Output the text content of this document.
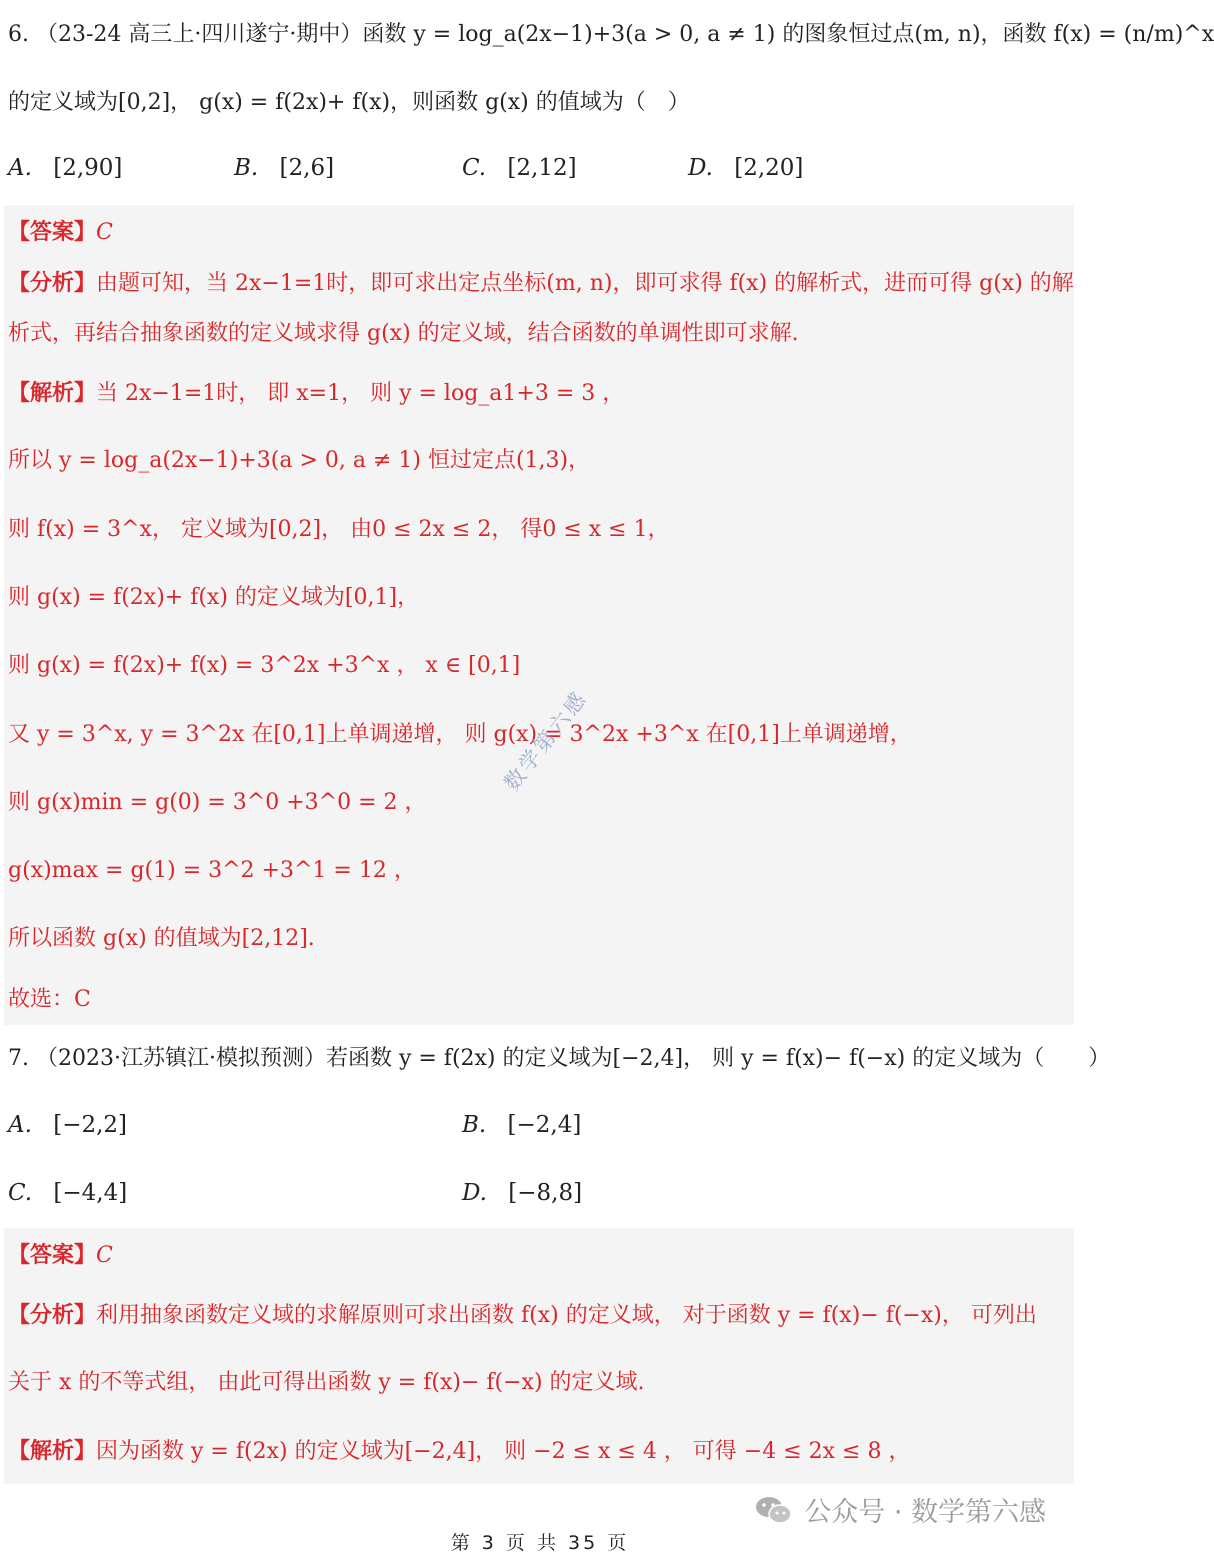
6. （23-24 高三上·四川遂宁·期中）函数 y = log_a(2x−1)+3(a > 0, a ≠ 1) 的图象恒过点(m, n)，函数 f(x) = (n/m)^x
的定义域为[0,2]， g(x) = f(2x)+ f(x)，则函数 g(x) 的值域为（　）
A. [2,90]	B. [2,6]	C. [2,12]	D. [2,20]
【答案】C
【分析】由题可知，当 2x−1=1时，即可求出定点坐标(m, n)，即可求得 f(x) 的解析式，进而可得 g(x) 的解
析式，再结合抽象函数的定义域求得 g(x) 的定义域，结合函数的单调性即可求解.
【解析】当 2x−1=1时， 即 x=1， 则 y = log_a1+3 = 3 ，
所以 y = log_a(2x−1)+3(a > 0, a ≠ 1) 恒过定点(1,3)，
则 f(x) = 3^x， 定义域为[0,2]， 由0 ≤ 2x ≤ 2， 得0 ≤ x ≤ 1，
则 g(x) = f(2x)+ f(x) 的定义域为[0,1]，
则 g(x) = f(2x)+ f(x) = 3^2x +3^x ， x ∈ [0,1]
又 y = 3^x, y = 3^2x 在[0,1]上单调递增， 则 g(x) = 3^2x +3^x 在[0,1]上单调递增，
则 g(x)min = g(0) = 3^0 +3^0 = 2 ，
g(x)max = g(1) = 3^2 +3^1 = 12 ，
所以函数 g(x) 的值域为[2,12].
故选：C
数学第六感
7. （2023·江苏镇江·模拟预测）若函数 y = f(2x) 的定义域为[−2,4]， 则 y = f(x)− f(−x) 的定义域为（　　）
A. [−2,2]	B. [−2,4]
C. [−4,4]	D. [−8,8]
【答案】C
【分析】利用抽象函数定义域的求解原则可求出函数 f(x) 的定义域， 对于函数 y = f(x)− f(−x)， 可列出
关于 x 的不等式组， 由此可得出函数 y = f(x)− f(−x) 的定义域.
【解析】因为函数 y = f(2x) 的定义域为[−2,4]， 则 −2 ≤ x ≤ 4 ， 可得 −4 ≤ 2x ≤ 8 ，
公众号 · 数学第六感
第 3 页 共 35 页
